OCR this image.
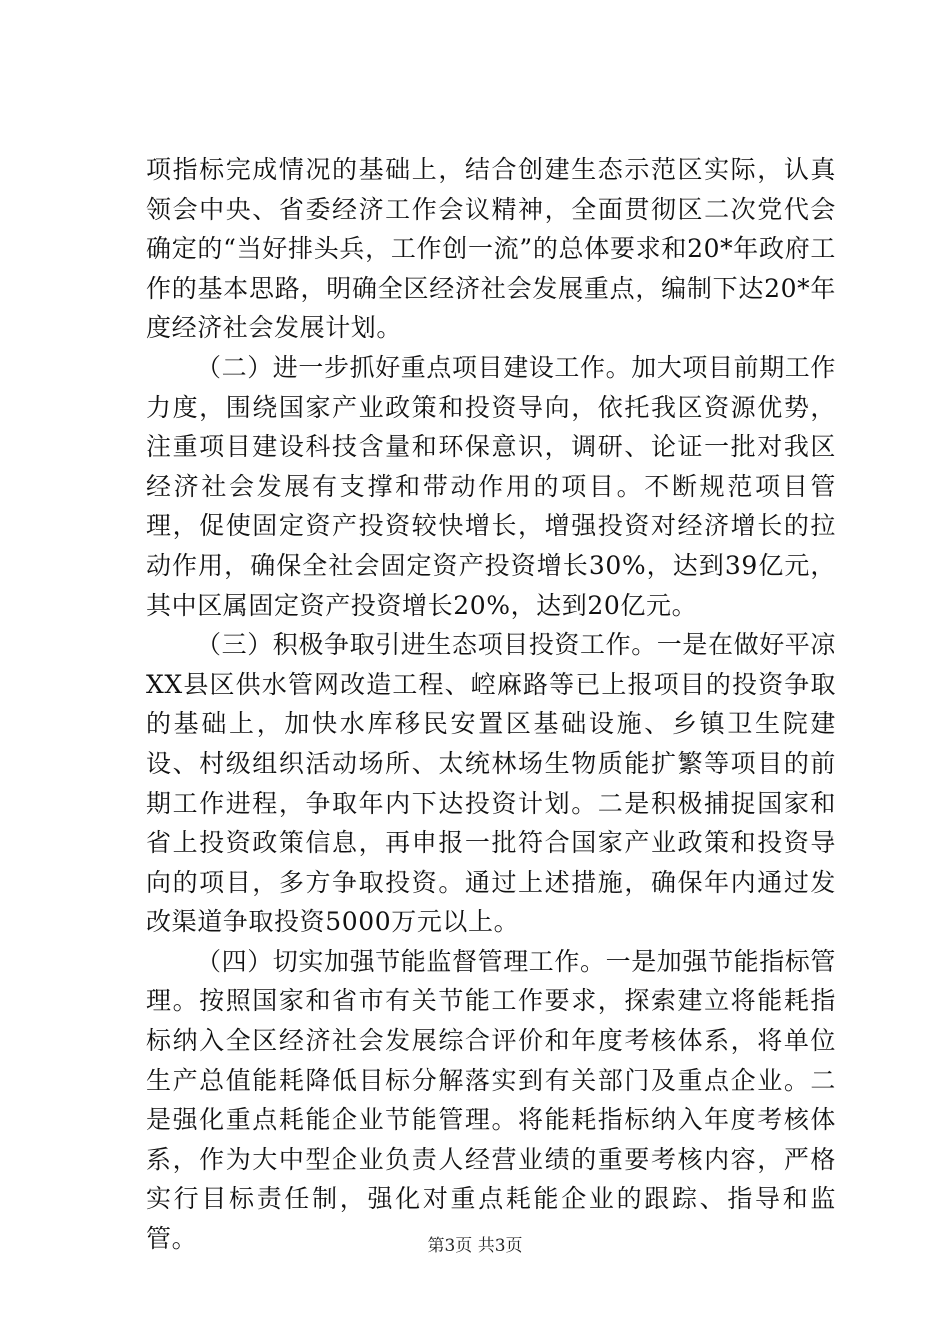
项指标完成情况的基础上，结合创建生态示范区实际，认真领会中央、省委经济工作会议精神，全面贯彻区二次党代会确定的“当好排头兵，工作创一流”的总体要求和20*年政府工作的基本思路，明确全区经济社会发展重点，编制下达20*年度经济社会发展计划。

（二）进一步抓好重点项目建设工作。加大项目前期工作力度，围绕国家产业政策和投资导向，依托我区资源优势，注重项目建设科技含量和环保意识，调研、论证一批对我区经济社会发展有支撑和带动作用的项目。不断规范项目管理，促使固定资产投资较快增长，增强投资对经济增长的拉动作用，确保全社会固定资产投资增长30%，达到39亿元，其中区属固定资产投资增长20%，达到20亿元。

（三）积极争取引进生态项目投资工作。一是在做好平凉XX县区供水管网改造工程、崆麻路等已上报项目的投资争取的基础上，加快水库移民安置区基础设施、乡镇卫生院建设、村级组织活动场所、太统林场生物质能扩繁等项目的前期工作进程，争取年内下达投资计划。二是积极捕捉国家和省上投资政策信息，再申报一批符合国家产业政策和投资导向的项目，多方争取投资。通过上述措施，确保年内通过发改渠道争取投资5000万元以上。

（四）切实加强节能监督管理工作。一是加强节能指标管理。按照国家和省市有关节能工作要求，探索建立将能耗指标纳入全区经济社会发展综合评价和年度考核体系，将单位生产总值能耗降低目标分解落实到有关部门及重点企业。二是强化重点耗能企业节能管理。将能耗指标纳入年度考核体系，作为大中型企业负责人经营业绩的重要考核内容，严格实行目标责任制，强化对重点耗能企业的跟踪、指导和监管。	第3页 共3页
